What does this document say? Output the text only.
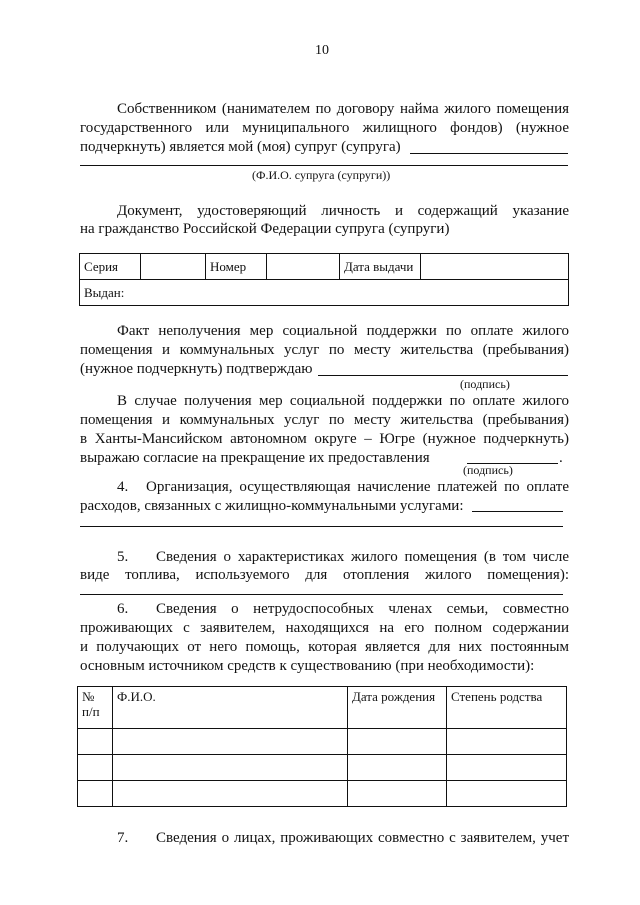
10
Собственником (нанимателем по договору найма жилого помещения
государственного или муниципального жилищного фондов) (нужное
подчеркнуть) является мой (моя) супруг (супруга)
(Ф.И.О. супруга (супруги))
Документ, удостоверяющий личность и содержащий указание
на гражданство Российской Федерации супруга (супруги)
Серия		Номер		Дата выдачи	
Выдан:
Факт неполучения мер социальной поддержки по оплате жилого
помещения и коммунальных услуг по месту жительства (пребывания)
(нужное подчеркнуть) подтверждаю
(подпись)
В случае получения мер социальной поддержки по оплате жилого
помещения и коммунальных услуг по месту жительства (пребывания)
в Ханты-Мансийском автономном округе – Югре (нужное подчеркнуть)
выражаю согласие на прекращение их предоставления	.
(подпись)
4. Организация, осуществляющая начисление платежей по оплате
расходов, связанных с жилищно-коммунальными услугами:
5. Сведения о характеристиках жилого помещения (в том числе
виде топлива, используемого для отопления жилого помещения):
6. Сведения о нетрудоспособных членах семьи, совместно
проживающих с заявителем, находящихся на его полном содержании
и получающих от него помощь, которая является для них постоянным
основным источником средств к существованию (при необходимости):
№
п/п	Ф.И.О.	Дата рождения	Степень родства

7. Сведения о лицах, проживающих совместно с заявителем, учет
